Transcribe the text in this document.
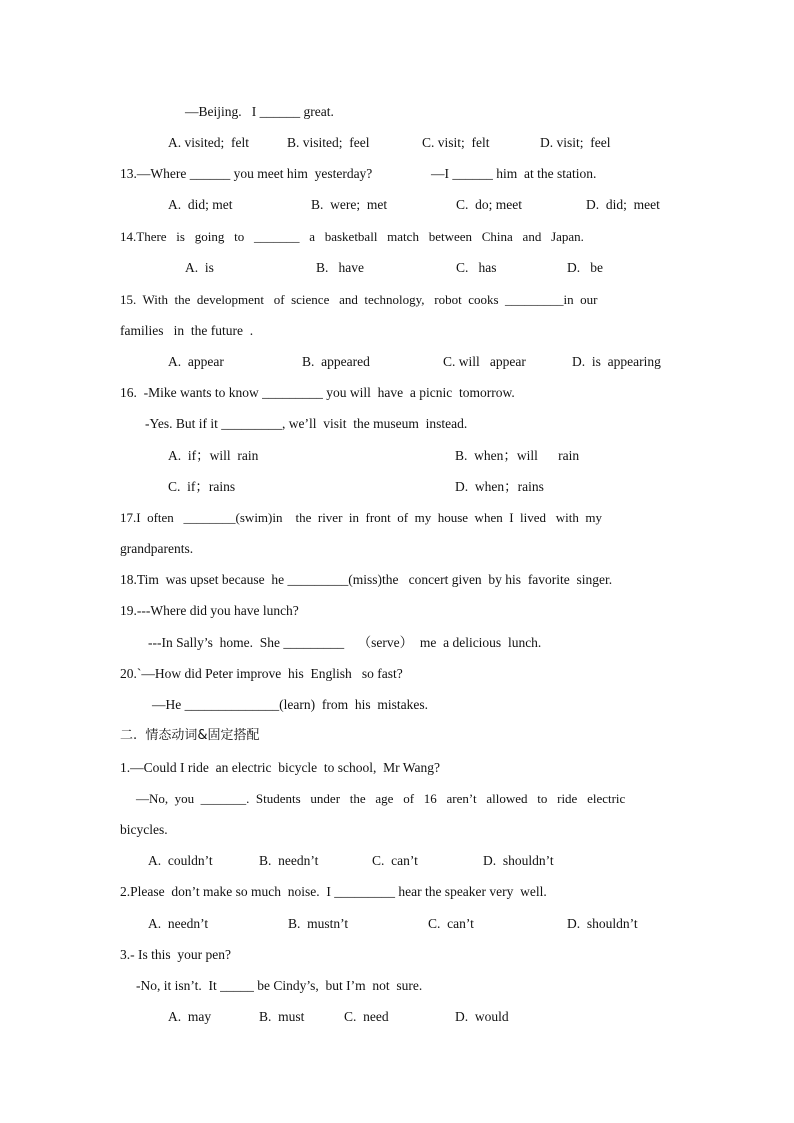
—Beijing.   I ______ great.
A. visited;  felt	B. visited;  feel	C. visit;  felt	D. visit;  feel
13.—Where ______ you meet him  yesterday?	—I ______ him  at the station.
A.  did; met	B.  were;  met	C.  do; meet	D.  did;  meet
14.There   is   going   to   _______   a   basketball   match   between   China   and   Japan.
A.  is	B.   have	C.   has	D.   be
15.  With  the  development   of  science   and  technology,   robot  cooks  _________in  our
families   in  the future  .
A.  appear	B.  appeared	C. will   appear	D.  is  appearing
16.  -Mike wants to know _________ you will  have  a picnic  tomorrow.
-Yes. But if it _________, we’ll  visit  the museum  instead.
A.  if；will  rain	B.  when；will      rain
C.  if；rains	D.  when；rains
17.I  often   ________(swim)in    the  river  in  front  of  my  house  when  I  lived   with  my
grandparents.
18.Tim  was upset because  he _________(miss)the   concert given  by his  favorite  singer.
19.---Where did you have lunch?
---In Sally’s  home.  She _________    （serve）  me  a delicious  lunch.
20.`—How did Peter improve  his  English   so fast?
—He ______________(learn)  from  his  mistakes.
二.  情态动词&固定搭配
1.—Could I ride  an electric  bicycle  to school,  Mr Wang?
—No,  you  _______.  Students   under   the   age   of   16   aren’t   allowed   to   ride   electric
bicycles.
A.  couldn’t	B.  needn’t	C.  can’t	D.  shouldn’t
2.Please  don’t make so much  noise.  I _________ hear the speaker very  well.
A.  needn’t	B.  mustn’t	C.  can’t	D.  shouldn’t
3.- Is this  your pen?
-No, it isn’t.  It _____ be Cindy’s,  but I’m  not  sure.
A.  may	B.  must	C.  need	D.  would
